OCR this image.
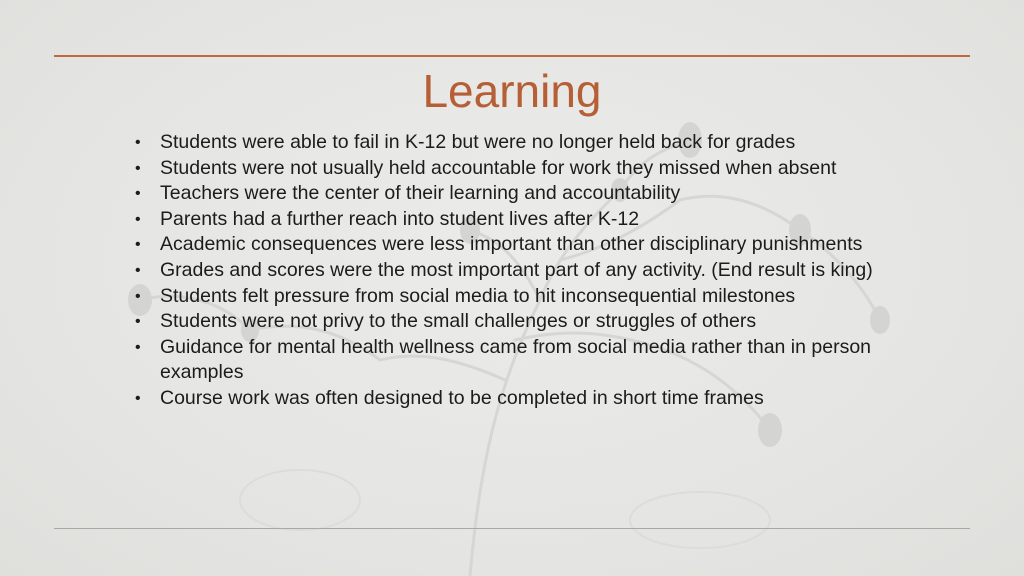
Learning
• Students were able to fail in K-12 but were no longer held back for grades
• Students were not usually held accountable for work they missed when absent
• Teachers were the center of their learning and accountability
• Parents had a further reach into student lives after K-12
• Academic consequences were less important than other disciplinary punishments
• Grades and scores were the most important part of any activity. (End result is king)
• Students felt pressure from social media to hit inconsequential milestones
• Students were not privy to the small challenges or struggles of others
• Guidance for mental health wellness came from social media rather than in person examples
• Course work was often designed to be completed in short time frames
